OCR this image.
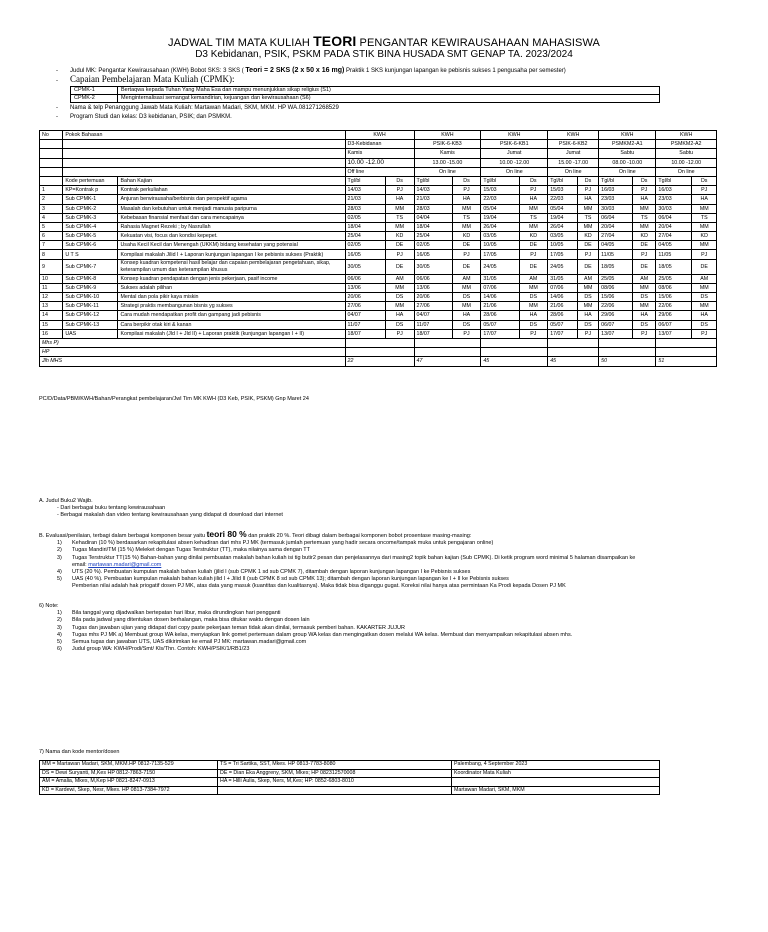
JADWAL TIM MATA KULIAH TEORI PENGANTAR KEWIRAUSAHAAN MAHASISWA
D3 Kebidanan, PSIK, PSKM PADA STIK BINA HUSADA SMT GENAP TA. 2023/2024
- Judul MK: Pengantar Kewirausahaan (KWH) Bobot SKS: 3 SKS ( Teori = 2 SKS (2 x 50 x 16 mg) Praktik 1 SKS kunjungan lapangan ke pebisnis sukses 1 pengusaha per semester)
- Capaian Pembelajaran Mata Kuliah (CPMK):
CPMK-1	Bertaqwa kepada Tuhan Yang Maha Esa dan mampu menunjukkan sikap religius (S1)
CPMK-2	Menginternalisasi semangat kemandirian, kejuangan dan kewirausahaan (S6)
- Nama & telp Penanggung Jawab Mata Kuliah: Martawan Madari, SKM, MKM. HP WA.081271268529
- Program Studi dan kelas: D3 kebidanan, PSIK; dan PSMKM.
No	Pokok Bahasan		KWH		KWH		KWH		KWH		KWH		KWH	
			D3-Kebidanan		PSIK-6-KB3		PSIK-6-KB1		PSIK-6-KB2		PSMKM2-A1		PSMKM2-A2	
			Kamis		Kamis		Jumat		Jumat		Sabtu		Sabtu	
			10.00 -12.00		13.00 -15.00		10.00 -12.00		15.00 -17.00		08.00 -10.00		10.00 -12.00	
			Off line		On line		On line		On line		On line		On line	
	Kode pertemuan	Bahan Kajian	Tgl/bl	Ds	Tgl/bl	Ds	Tgl/bl	Ds	Tgl/bl	Ds	Tgl/bl	Ds	Tgl/bl	Ds
1	KP=Kontrak p	Kontrak perkuliahan	14/03	PJ	14/03	PJ	15/03	PJ	15/03	PJ	16/03	PJ	16/03	PJ
2	Sub CPMK-1	Anjuran berwirausaha/berbisnis dan perspektif agama	21/03	HA	21/03	HA	22/03	HA	22/03	HA	23/03	HA	23/03	HA
3	Sub CPMK-2	Masalah dan kebutuhan untuk menjadi manusia paripurna	28/03	MM	28/03	MM	05/04	MM	05/04	MM	30/03	MM	30/03	MM
4	Sub CPMK-3	Kebebasan finansial menfaat dan cara mencapainya	02/05	TS	04/04	TS	19/04	TS	19/04	TS	06/04	TS	06/04	TS
5	Sub CPMK-4	Rahasia Magnet Rezeki ; by Nasrullah	18/04	MM	18/04	MM	26/04	MM	26/04	MM	20/04	MM	20/04	MM
6	Sub CPMK-5	Kekuatan visi, focus dan kondisi kepepet.	25/04	KD	25/04	KD	03/05	KD	03/05	KD	27/04	KD	27/04	KD
7	Sub CPMK-6	Usaha Kecil Kecil dan Menengah (UKKM) bidang kesehatan yang potensial	02/05	DE	02/05	DE	10/05	DE	10/05	DE	04/05	DE	04/05	MM
8	U T S	Kompilasi makalah Jilid I + Laporan kunjungan lapangan I ke pebisnis sukses (Praktik)	16/05	PJ	16/05	PJ	17/05	PJ	17/05	PJ	11/05	PJ	11/05	PJ
9	Sub CPMK-7	Konsep kuadran kompetensi hasil belajar dan capaian pembelajaran pengetahuan, sikap, keterampilan umum dan keterampilan khusus	30/05	DE	30/05	DE	24/05	DE	24/05	DE	18/05	DE	18/05	DE
10	Sub CPMK-8	Konsep kuadran pendapatan dengan jenis pekerjaan, pasif income	06/06	AM	06/06	AM	31/05	AM	31/05	AM	25/05	AM	25/05	AM
11	Sub CPMK-9	Sukses adalah pilihan	13/06	MM	13/06	MM	07/06	MM	07/06	MM	08/06	MM	08/06	MM
12	Sub CPMK-10	Mental dan pola pikir kaya miskin	20/06	DS	20/06	DS	14/06	DS	14/06	DS	15/06	DS	15/06	DS
13	Sub CPMK-11	Strategi praktis membangunan bisnis yg sukses	27/06	MM	27/06	MM	21/06	MM	21/06	MM	22/06	MM	22/06	MM
14	Sub CPMK-12	Cara mudah mendapatkan profit dan gampang jadi pebisnis	04/07	HA	04/07	HA	28/06	HA	28/06	HA	29/06	HA	29/06	HA
15	Sub CPMK-13	Cara berpikir otak kiri & kanan	11/07	DS	11/07	DS	05/07	DS	05/07	DS	06/07	DS	06/07	DS
16	UAS	Kompilasi makalah (Jld I + Jld II) + Laporan praktik (kunjungan lapangan I + II)	18/07	PJ	18/07	PJ	17/07	PJ	17/07	PJ	13/07	PJ	13/07	PJ
Mhs P)														
HP														
Jlh MHS			22		47		45		45		50		51	
PC/D/Data/PBM/KWH/Bahan/Perangkat pembelajaran/Jwl Tim MK KWH (D3 Keb, PSIK, PSKM) Gnp Maret 24
A. Judul Buku2 Wajib.
- Dari berbagai buku tentang kewirausahaan
- Berbagai makalah dan video tentang kewirausahaan yang didapat di download dari internet
B. Evaluasi/penilaian, terbagi dalam berbagai komponen besar yaitu teori 80 % dan praktik 20 %. Teori dibagi dalam berbagai komponen bobot prosentase masing-masing:
1) Kehadiran (10 %) berdasarkan rekapitulasi absen kehadiran dari mhs PJ MK (termasuk jumlah pertemuan yang hadir secara oncome/tampak muka untuk pengajaran online)
2) Tugas Mandiri/TM (15 %) Meleket dengan Tugas Terstruktur (TT), maka nilainya sama dengan TT
3) Tugas Terstruktur TT(15 %) Bahan-bahan yang dinilai pembuatan makalah bahan kuliah isi tig butir2 pesan dan penjelasannya dari masing2 topik bahan kajian (Sub CPMK). Di ketik program word minimal 5 halaman disampaikan ke
email: martawan.madari@gmail.com
4) UTS (20 %). Pembuatan kumpulan makalah bahan kuliah (jilid I (sub CPMK 1 sd sub CPMK 7), ditambah dengan laporan kunjungan lapangan I ke Pebisnis sukses
5) UAS (40 %). Pembuatan kumpulan makalah bahan kuliah jilid I + Jilid II (sub CPMK 8 sd sub CPMK 13); ditambah dengan laporan kunjungan lapangan ke I + II ke Pebisnis sukses
Pemberian nilai adalah hak priogatif dosen PJ MK, atas data yang masuk (kuantitas dan kualitasnya). Maka tidak bisa diganggu gugat. Koreksi nilai hanya atas permintaan Ka Prodi kepada Dosen PJ MK
6) Note:
1) Bila tanggal yang dijadwalkan bertepatan hari libur, maka dirundingkan hari pengganti
2) Bila pada jadwal yang ditentukan dosen berhalangan, maka bisa ditukar waktu dengan dosen lain
3) Tugas dan jawaban ujian yang didapat dari copy paste pekerjaan teman tidak akan dinilai, termasuk pemberi bahan. KAKARTER JUJUR
4) Tugas mhs PJ MK a) Membuat group WA kelas, menyiapkan link gomet pertemuan dalam group WA kelas dan mengingatkan dosen melalui WA kelas. Membuat dan menyampaikan rekapitulasi absen mhs.
5) Semua tugas dan jawaban UTS, UAS dikirimkan ke email PJ MK: martawan.madari@gmail.com
6) Judul group WA: KWH/Prodi/Smt/ Kls/Thn. Contoh: KWH/PSIK/1/RB1/23
7) Nama dan kode mentor/dosen
MM = Martawan Madari, SKM, MKM.HP 0812-7135-529	TS = Tri Sartika, SST, Mkes. HP 0813-7783-8080	Palembang, 4 September 2023
DS = Dewi Suryanti, M,Kes HP 0812-7863-7150	DE = Dian Eka Anggreny, SKM, Mkes; HP 082312570008	Koordinator Mata Kuliah
AM = Amalia, Mkes, M,Kep HP 0821-8247-0913	HA = Hilli Aulia, Skep, Ners, M,Kes; HP: 0852-6803-8010	
KD = Kardewi, Skep, Nesr, Mkes. HP 0813-7384-7972		Martawan Madari, SKM, MKM
